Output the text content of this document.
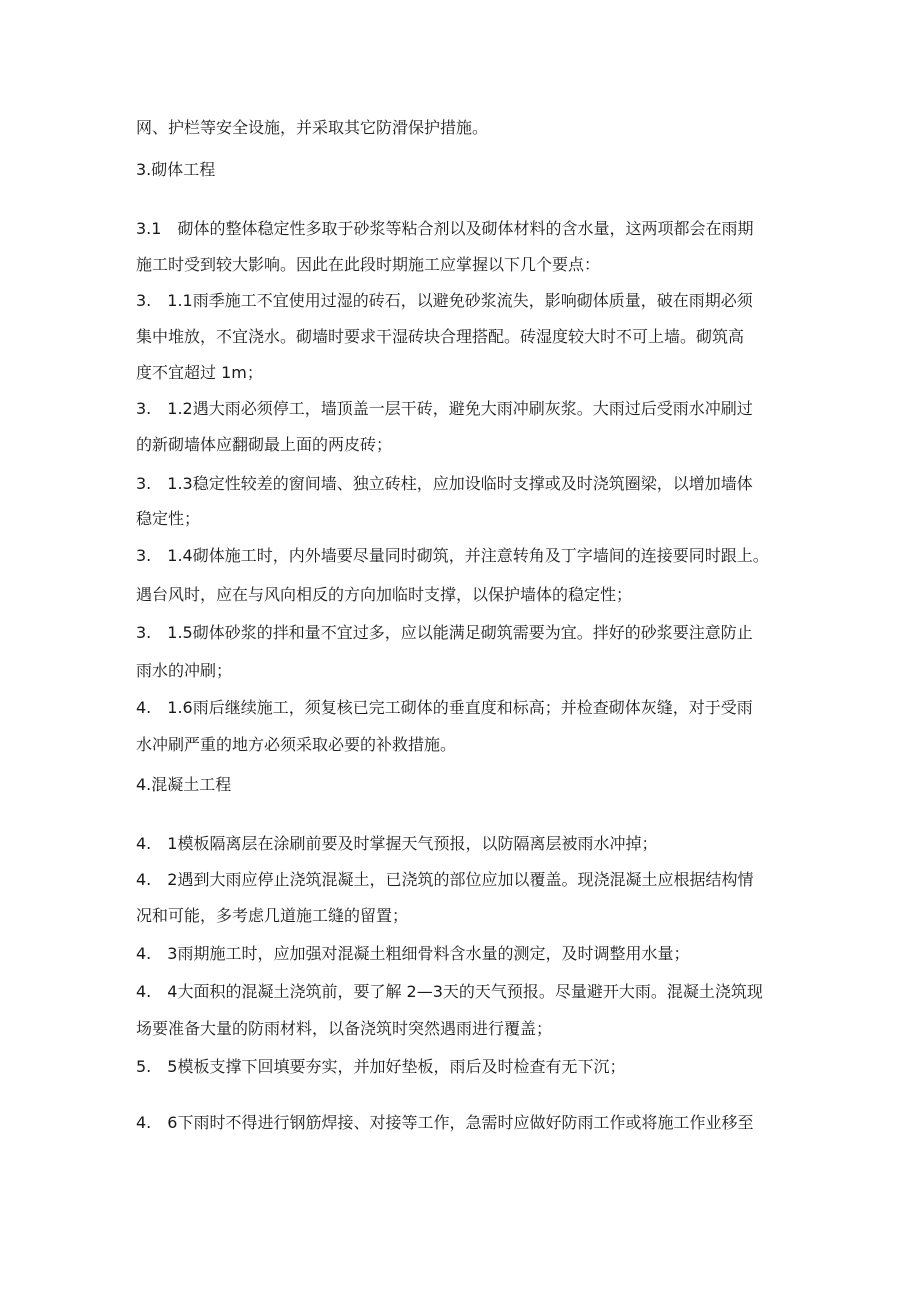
网、护栏等安全设施，并采取其它防滑保护措施。
3.砌体工程
3.1　砌体的整体稳定性多取于砂浆等粘合剂以及砌体材料的含水量，这两项都会在雨期
施工时受到较大影响。因此在此段时期施工应掌握以下几个要点：
3.　1.1雨季施工不宜使用过湿的砖石，以避免砂浆流失，影响砌体质量，破在雨期必须
集中堆放，不宜浇水。砌墙时要求干湿砖块合理搭配。砖湿度较大时不可上墙。砌筑高
度不宜超过 1m；
3.　1.2遇大雨必须停工，墙顶盖一层干砖，避免大雨冲刷灰浆。大雨过后受雨水冲刷过
的新砌墙体应翻砌最上面的两皮砖；
3.　1.3稳定性较差的窗间墙、独立砖柱，应加设临时支撑或及时浇筑圈梁，以增加墙体
稳定性；
3.　1.4砌体施工时，内外墙要尽量同时砌筑，并注意转角及丁字墙间的连接要同时跟上。
遇台风时，应在与风向相反的方向加临时支撑，以保护墙体的稳定性；
3.　1.5砌体砂浆的拌和量不宜过多，应以能满足砌筑需要为宜。拌好的砂浆要注意防止
雨水的冲刷；
4.　1.6雨后继续施工，须复核已完工砌体的垂直度和标高；并检查砌体灰缝，对于受雨
水冲刷严重的地方必须采取必要的补救措施。
4.混凝土工程
4.　1模板隔离层在涂刷前要及时掌握天气预报，以防隔离层被雨水冲掉；
4.　2遇到大雨应停止浇筑混凝土，已浇筑的部位应加以覆盖。现浇混凝土应根据结构情
况和可能，多考虑几道施工缝的留置；
4.　3雨期施工时，应加强对混凝土粗细骨料含水量的测定，及时调整用水量；
4.　4大面积的混凝土浇筑前，要了解 2—3天的天气预报。尽量避开大雨。混凝土浇筑现
场要准备大量的防雨材料，以备浇筑时突然遇雨进行覆盖；
5.　5模板支撑下回填要夯实，并加好垫板，雨后及时检查有无下沉；
4.　6下雨时不得进行钢筋焊接、对接等工作，急需时应做好防雨工作或将施工作业移至
